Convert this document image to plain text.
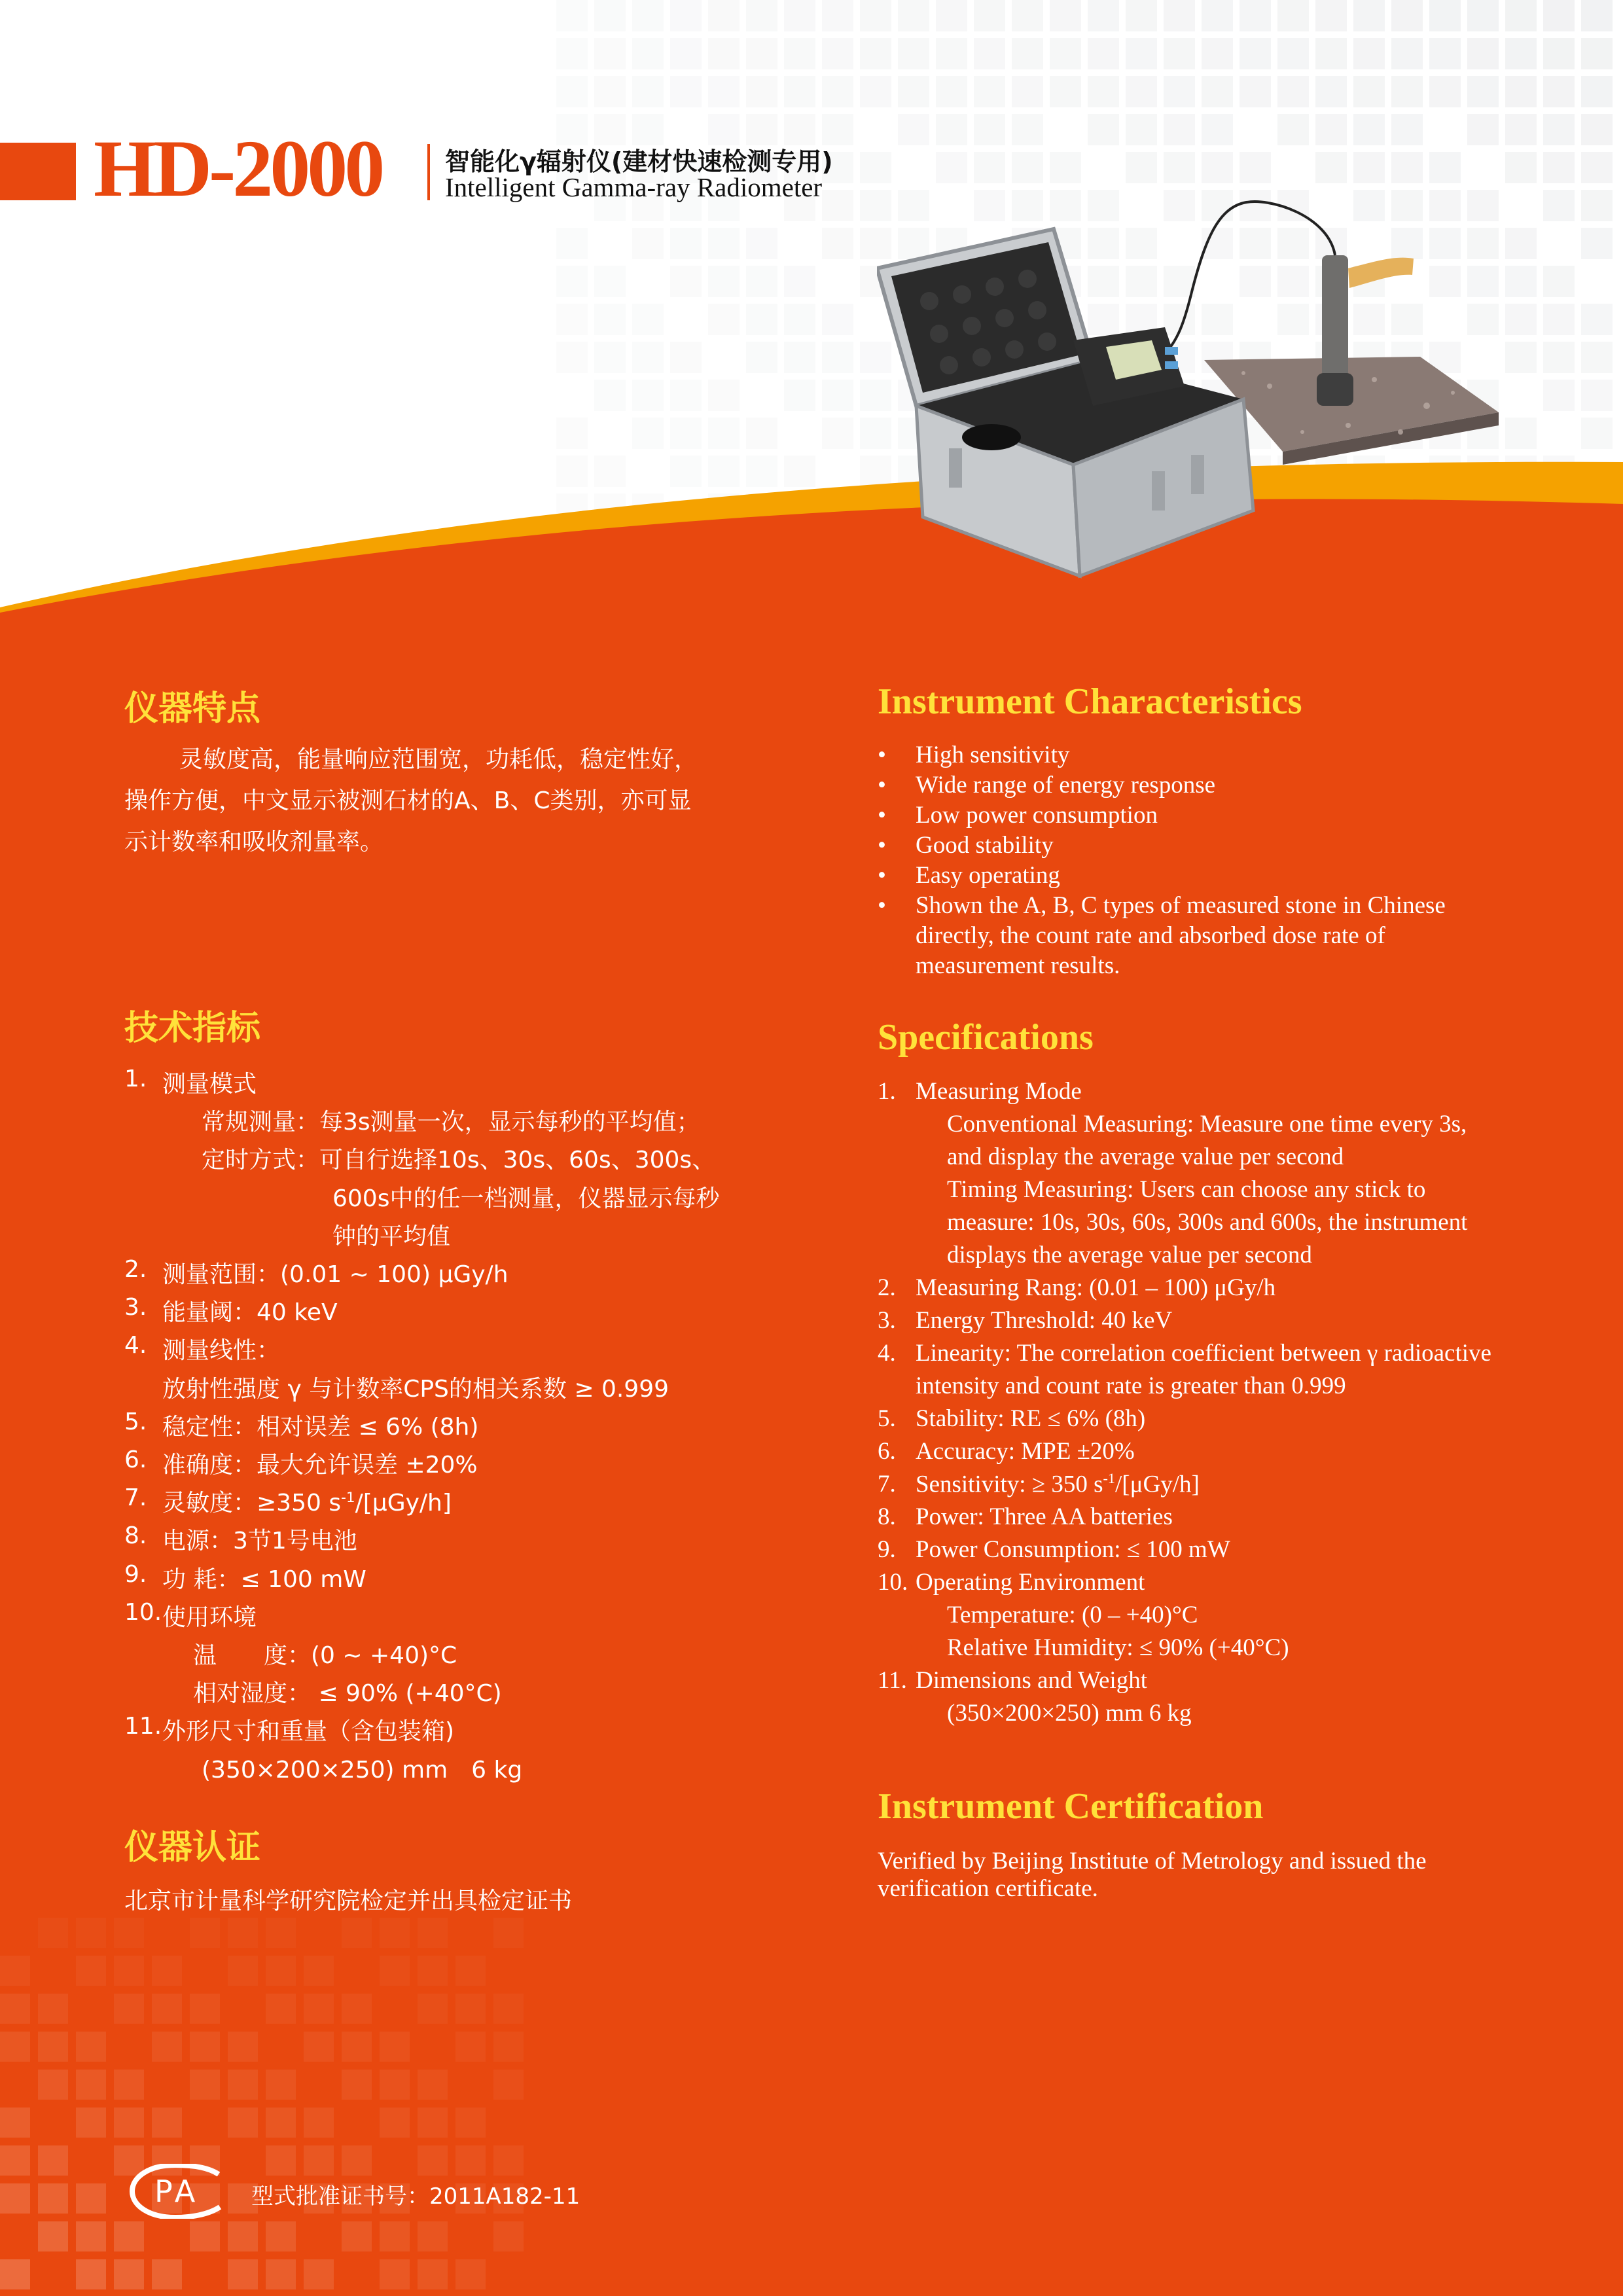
HD-2000	智能化γ辐射仪(建材快速检测专用)
Intelligent Gamma-ray Radiometer
仪器特点
灵敏度高，能量响应范围宽，功耗低，稳定性好，
操作方便，中文显示被测石材的A、B、C类别，亦可显
示计数率和吸收剂量率。
技术指标
1. 测量模式
常规测量：每3s测量一次，显示每秒的平均值；
定时方式：可自行选择10s、30s、60s、300s、
600s中的任一档测量，仪器显示每秒
钟的平均值
2. 测量范围：(0.01 ~ 100) μGy/h
3. 能量阈：40 keV
4. 测量线性：
放射性强度 γ 与计数率CPS的相关系数 ≥ 0.999
5. 稳定性：相对误差 ≤ 6% (8h)
6. 准确度：最大允许误差 ±20%
7. 灵敏度：≥350 $s^{-1}/[\mu Gy/h]$
8. 电源：3节1号电池
9. 功 耗：≤ 100 mW
10. 使用环境
温　　度：(0 ~ +40)°C
相对湿度： ≤ 90% (+40°C)
11. 外形尺寸和重量（含包装箱)
(350×200×250) mm　6 kg
仪器认证
北京市计量科学研究院检定并出具检定证书
Instrument Characteristics
• High sensitivity
• Wide range of energy response
• Low power consumption
• Good stability
• Easy operating
• Shown the A, B, C types of measured stone in Chinese directly, the count rate and absorbed dose rate of measurement results.
Specifications
1. Measuring Mode
Conventional Measuring: Measure one time every 3s,
and display the average value per second
Timing Measuring: Users can choose any stick to
measure: 10s, 30s, 60s, 300s and 600s, the instrument
displays the average value per second
2. Measuring Rang: (0.01 – 100) μGy/h
3. Energy Threshold: 40 keV
4. Linearity: The correlation coefficient between γ radioactive
intensity and count rate is greater than 0.999
5. Stability: RE ≤ 6% (8h)
6. Accuracy: MPE ±20%
7. Sensitivity: ≥ 350 $s^{-1}/[\mu Gy/h]$
8. Power: Three AA batteries
9. Power Consumption: ≤ 100 mW
10. Operating Environment
Temperature: (0 – +40)°C
Relative Humidity: ≤ 90% (+40°C)
11. Dimensions and Weight
(350×200×250) mm 6 kg
Instrument Certification
Verified by Beijing Institute of Metrology and issued the
verification certificate.
PA 型式批准证书号：2011A182-11
